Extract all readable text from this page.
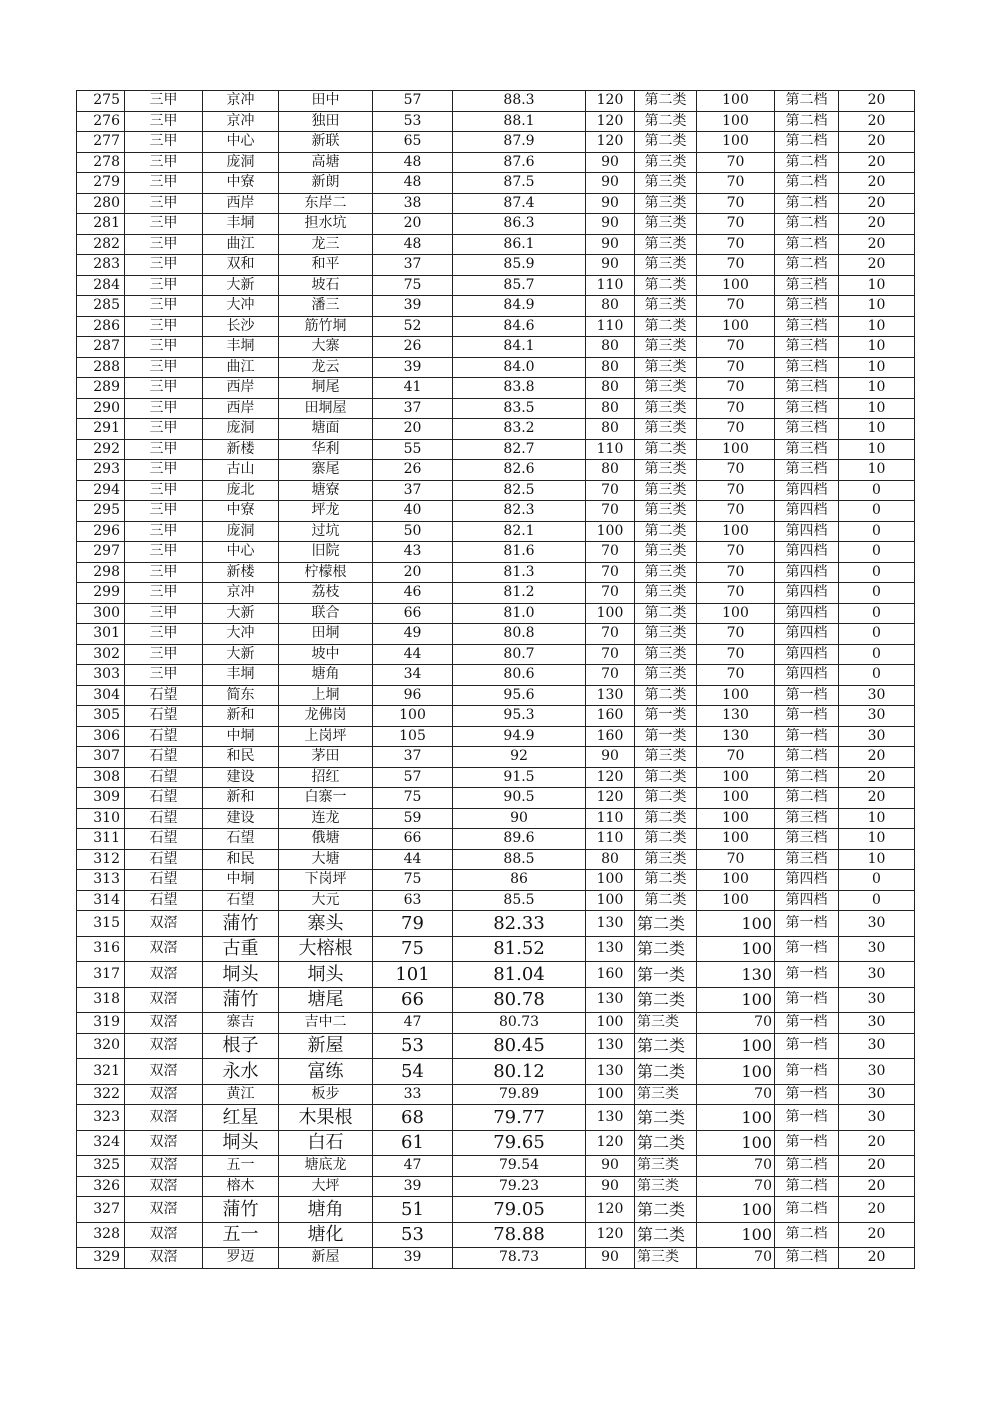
275	三甲	京冲	田中	57	88.3	120	第二类	100	第二档	20
276	三甲	京冲	独田	53	88.1	120	第二类	100	第二档	20
277	三甲	中心	新联	65	87.9	120	第二类	100	第二档	20
278	三甲	庞洞	高塘	48	87.6	90	第三类	70	第二档	20
279	三甲	中寮	新朗	48	87.5	90	第三类	70	第二档	20
280	三甲	西岸	东岸二	38	87.4	90	第三类	70	第二档	20
281	三甲	丰垌	担水坑	20	86.3	90	第三类	70	第二档	20
282	三甲	曲江	龙三	48	86.1	90	第三类	70	第二档	20
283	三甲	双和	和平	37	85.9	90	第三类	70	第二档	20
284	三甲	大新	坡石	75	85.7	110	第二类	100	第三档	10
285	三甲	大冲	潘三	39	84.9	80	第三类	70	第三档	10
286	三甲	长沙	筋竹垌	52	84.6	110	第二类	100	第三档	10
287	三甲	丰垌	大寨	26	84.1	80	第三类	70	第三档	10
288	三甲	曲江	龙云	39	84.0	80	第三类	70	第三档	10
289	三甲	西岸	垌尾	41	83.8	80	第三类	70	第三档	10
290	三甲	西岸	田垌屋	37	83.5	80	第三类	70	第三档	10
291	三甲	庞洞	塘面	20	83.2	80	第三类	70	第三档	10
292	三甲	新楼	华利	55	82.7	110	第二类	100	第三档	10
293	三甲	古山	寨尾	26	82.6	80	第三类	70	第三档	10
294	三甲	庞北	塘寮	37	82.5	70	第三类	70	第四档	0
295	三甲	中寮	坪龙	40	82.3	70	第三类	70	第四档	0
296	三甲	庞洞	过坑	50	82.1	100	第二类	100	第四档	0
297	三甲	中心	旧院	43	81.6	70	第三类	70	第四档	0
298	三甲	新楼	柠檬根	20	81.3	70	第三类	70	第四档	0
299	三甲	京冲	荔枝	46	81.2	70	第三类	70	第四档	0
300	三甲	大新	联合	66	81.0	100	第二类	100	第四档	0
301	三甲	大冲	田垌	49	80.8	70	第三类	70	第四档	0
302	三甲	大新	坡中	44	80.7	70	第三类	70	第四档	0
303	三甲	丰垌	塘角	34	80.6	70	第三类	70	第四档	0
304	石望	简东	上垌	96	95.6	130	第二类	100	第一档	30
305	石望	新和	龙佛岗	100	95.3	160	第一类	130	第一档	30
306	石望	中垌	上岗坪	105	94.9	160	第一类	130	第一档	30
307	石望	和民	茅田	37	92	90	第三类	70	第二档	20
308	石望	建设	招红	57	91.5	120	第二类	100	第二档	20
309	石望	新和	白寨一	75	90.5	120	第二类	100	第二档	20
310	石望	建设	连龙	59	90	110	第二类	100	第三档	10
311	石望	石望	俄塘	66	89.6	110	第二类	100	第三档	10
312	石望	和民	大塘	44	88.5	80	第三类	70	第三档	10
313	石望	中垌	下岗坪	75	86	100	第二类	100	第四档	0
314	石望	石望	大元	63	85.5	100	第二类	100	第四档	0
315	双滘	蒲竹	寨头	79	82.33	130	第二类	100	第一档	30
316	双滘	古重	大榕根	75	81.52	130	第二类	100	第一档	30
317	双滘	垌头	垌头	101	81.04	160	第一类	130	第一档	30
318	双滘	蒲竹	塘尾	66	80.78	130	第二类	100	第一档	30
319	双滘	寨吉	吉中二	47	80.73	100	第三类	70	第一档	30
320	双滘	根子	新屋	53	80.45	130	第二类	100	第一档	30
321	双滘	永水	富练	54	80.12	130	第二类	100	第一档	30
322	双滘	黄江	板步	33	79.89	100	第三类	70	第一档	30
323	双滘	红星	木果根	68	79.77	130	第二类	100	第一档	30
324	双滘	垌头	白石	61	79.65	120	第二类	100	第一档	20
325	双滘	五一	塘底龙	47	79.54	90	第三类	70	第二档	20
326	双滘	榕木	大坪	39	79.23	90	第三类	70	第二档	20
327	双滘	蒲竹	塘角	51	79.05	120	第二类	100	第二档	20
328	双滘	五一	塘化	53	78.88	120	第二类	100	第二档	20
329	双滘	罗迈	新屋	39	78.73	90	第三类	70	第二档	20
